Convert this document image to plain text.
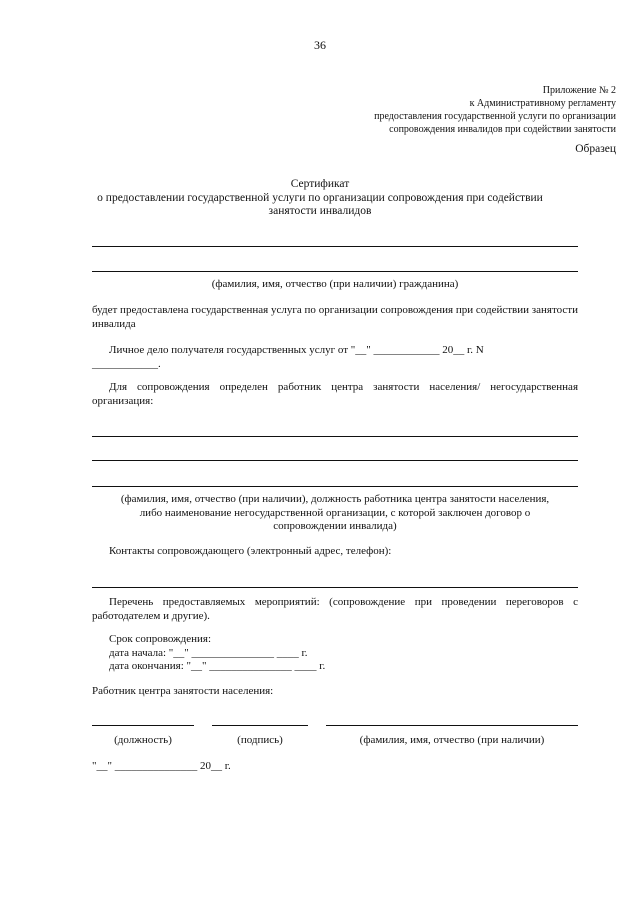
36
Приложение № 2
к Административному регламенту
предоставления государственной услуги по организации
сопровождения инвалидов при содействии занятости
Образец
Сертификат
о предоставлении государственной услуги по организации сопровождения при содействии
занятости инвалидов
(фамилия, имя, отчество (при наличии) гражданина)
будет предоставлена государственная услуга по организации сопровождения при содействии занятости инвалида
Личное дело получателя государственных услуг от "__" ____________ 20__ г. N
____________.
Для сопровождения определен работник центра занятости населения/ негосударственная организация:
(фамилия, имя, отчество (при наличии), должность работника центра занятости населения,
либо наименование негосударственной организации, с которой заключен договор о
сопровождении инвалида)
Контакты сопровождающего (электронный адрес, телефон):
Перечень предоставляемых мероприятий: (сопровождение при проведении переговоров с работодателем и другие).
Срок сопровождения:
дата начала: "__" _______________ ____ г.
дата окончания: "__" _______________ ____ г.
Работник центра занятости населения:
(должность)	(подпись)	(фамилия, имя, отчество (при наличии)
"__" _______________ 20__ г.
